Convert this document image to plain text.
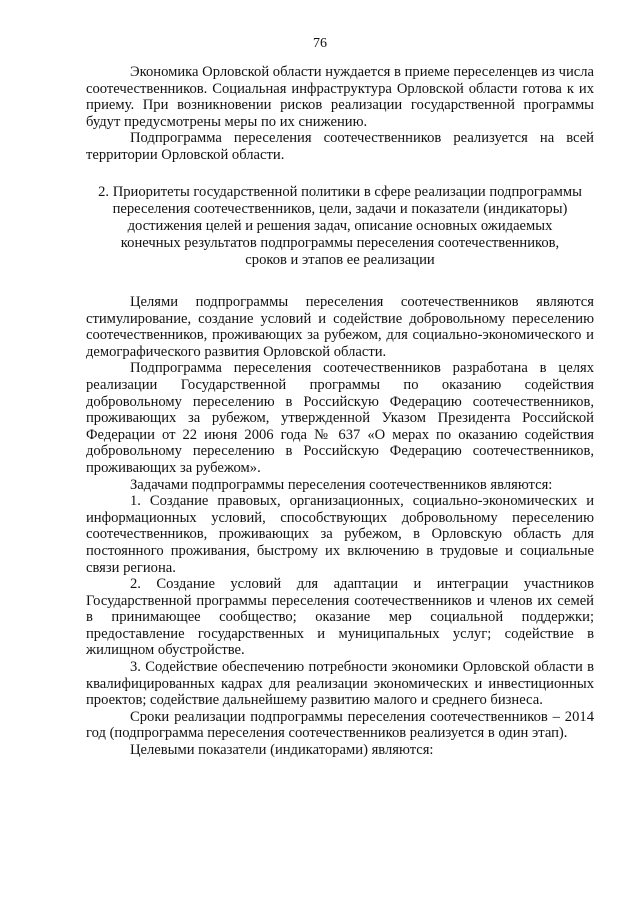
76

Экономика Орловской области нуждается в приеме переселенцев из числа соотечественников. Социальная инфраструктура Орловской области готова к их приему. При возникновении рисков реализации государственной программы будут предусмотрены меры по их снижению.

Подпрограмма переселения соотечественников реализуется на всей территории Орловской области.

2. Приоритеты государственной политики в сфере реализации подпрограммы
переселения соотечественников, цели, задачи и показатели (индикаторы)
достижения целей и решения задач, описание основных ожидаемых
конечных результатов подпрограммы переселения соотечественников,
сроков и этапов ее реализации

Целями подпрограммы переселения соотечественников являются стимулирование, создание условий и содействие добровольному переселению соотечественников, проживающих за рубежом, для социально-экономического и демографического развития Орловской области.

Подпрограмма переселения соотечественников разработана в целях реализации Государственной программы по оказанию содействия добровольному переселению в Российскую Федерацию соотечественников, проживающих за рубежом, утвержденной Указом Президента Российской Федерации от 22 июня 2006 года № 637 «О мерах по оказанию содействия добровольному переселению в Российскую Федерацию соотечественников, проживающих за рубежом».

Задачами подпрограммы переселения соотечественников являются:

1. Создание правовых, организационных, социально-экономических и информационных условий, способствующих добровольному переселению соотечественников, проживающих за рубежом, в Орловскую область для постоянного проживания, быстрому их включению в трудовые и социальные связи региона.

2. Создание условий для адаптации и интеграции участников Государственной программы переселения соотечественников и членов их семей в принимающее сообщество; оказание мер социальной поддержки; предоставление государственных и муниципальных услуг; содействие в жилищном обустройстве.

3. Содействие обеспечению потребности экономики Орловской области в квалифицированных кадрах для реализации экономических и инвестиционных проектов; содействие дальнейшему развитию малого и среднего бизнеса.

Сроки реализации подпрограммы переселения соотечественников – 2014 год (подпрограмма переселения соотечественников реализуется в один этап).

Целевыми показатели (индикаторами) являются:
